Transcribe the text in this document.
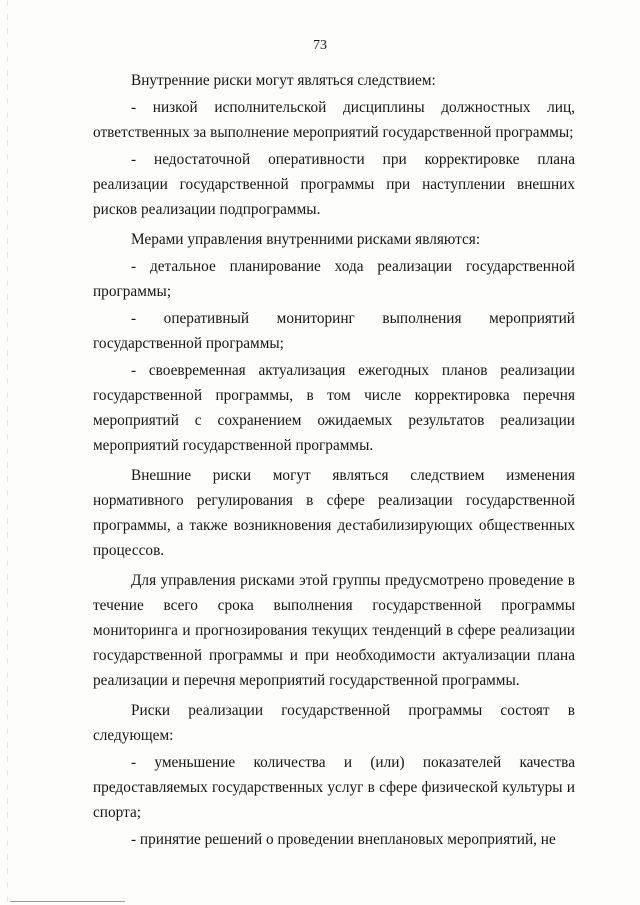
73

Внутренние риски могут являться следствием:

- низкой исполнительской дисциплины должностных лиц, ответственных за выполнение мероприятий государственной программы;

- недостаточной оперативности при корректировке плана реализации государственной программы при наступлении внешних рисков реализации подпрограммы.

Мерами управления внутренними рисками являются:

- детальное планирование хода реализации государственной программы;

- оперативный мониторинг выполнения мероприятий государственной программы;

- своевременная актуализация ежегодных планов реализации государственной программы, в том числе корректировка перечня мероприятий с сохранением ожидаемых результатов реализации мероприятий государственной программы.

Внешние риски могут являться следствием изменения нормативного регулирования в сфере реализации государственной программы, а также возникновения дестабилизирующих общественных процессов.

Для управления рисками этой группы предусмотрено проведение в течение всего срока выполнения государственной программы мониторинга и прогнозирования текущих тенденций в сфере реализации государственной программы и при необходимости актуализации плана реализации и перечня мероприятий государственной программы.

Риски реализации государственной программы состоят в следующем:

- уменьшение количества и (или) показателей качества предоставляемых государственных услуг в сфере физической культуры и спорта;

- принятие решений о проведении внеплановых мероприятий, не
